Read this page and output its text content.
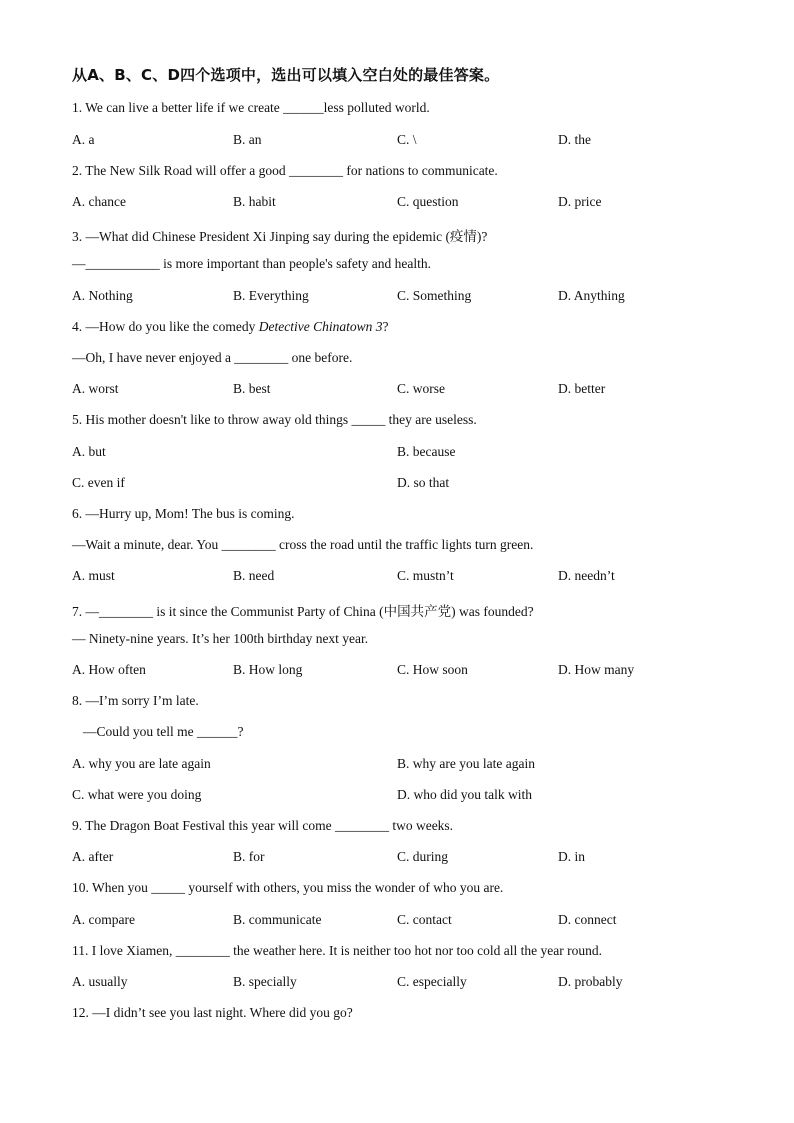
从A、B、C、D四个选项中，选出可以填入空白处的最佳答案。
1. We can live a better life if we create ______less polluted world.
A. a	B. an	C. \	D. the
2. The New Silk Road will offer a good ________ for nations to communicate.
A. chance	B. habit	C. question	D. price
3. —What did Chinese President Xi Jinping say during the epidemic (疫情)?
—___________ is more important than people's safety and health.
A. Nothing	B. Everything	C. Something	D. Anything
4. —How do you like the comedy Detective Chinatown 3?
—Oh, I have never enjoyed a ________ one before.
A. worst	B. best	C. worse	D. better
5. His mother doesn't like to throw away old things _____ they are useless.
A. but	B. because
C. even if	D. so that
6. —Hurry up, Mom! The bus is coming.
—Wait a minute, dear. You ________ cross the road until the traffic lights turn green.
A. must	B. need	C. mustn’t	D. needn’t
7. —________ is it since the Communist Party of China (中国共产党) was founded?
— Ninety-nine years. It’s her 100th birthday next year.
A. How often	B. How long	C. How soon	D. How many
8. —I’m sorry I’m late.
—Could you tell me ______?
A. why you are late again	B. why are you late again
C. what were you doing	D. who did you talk with
9. The Dragon Boat Festival this year will come ________ two weeks.
A. after	B. for	C. during	D. in
10. When you _____ yourself with others, you miss the wonder of who you are.
A. compare	B. communicate	C. contact	D. connect
11. I love Xiamen, ________ the weather here. It is neither too hot nor too cold all the year round.
A. usually	B. specially	C. especially	D. probably
12. —I didn’t see you last night. Where did you go?
